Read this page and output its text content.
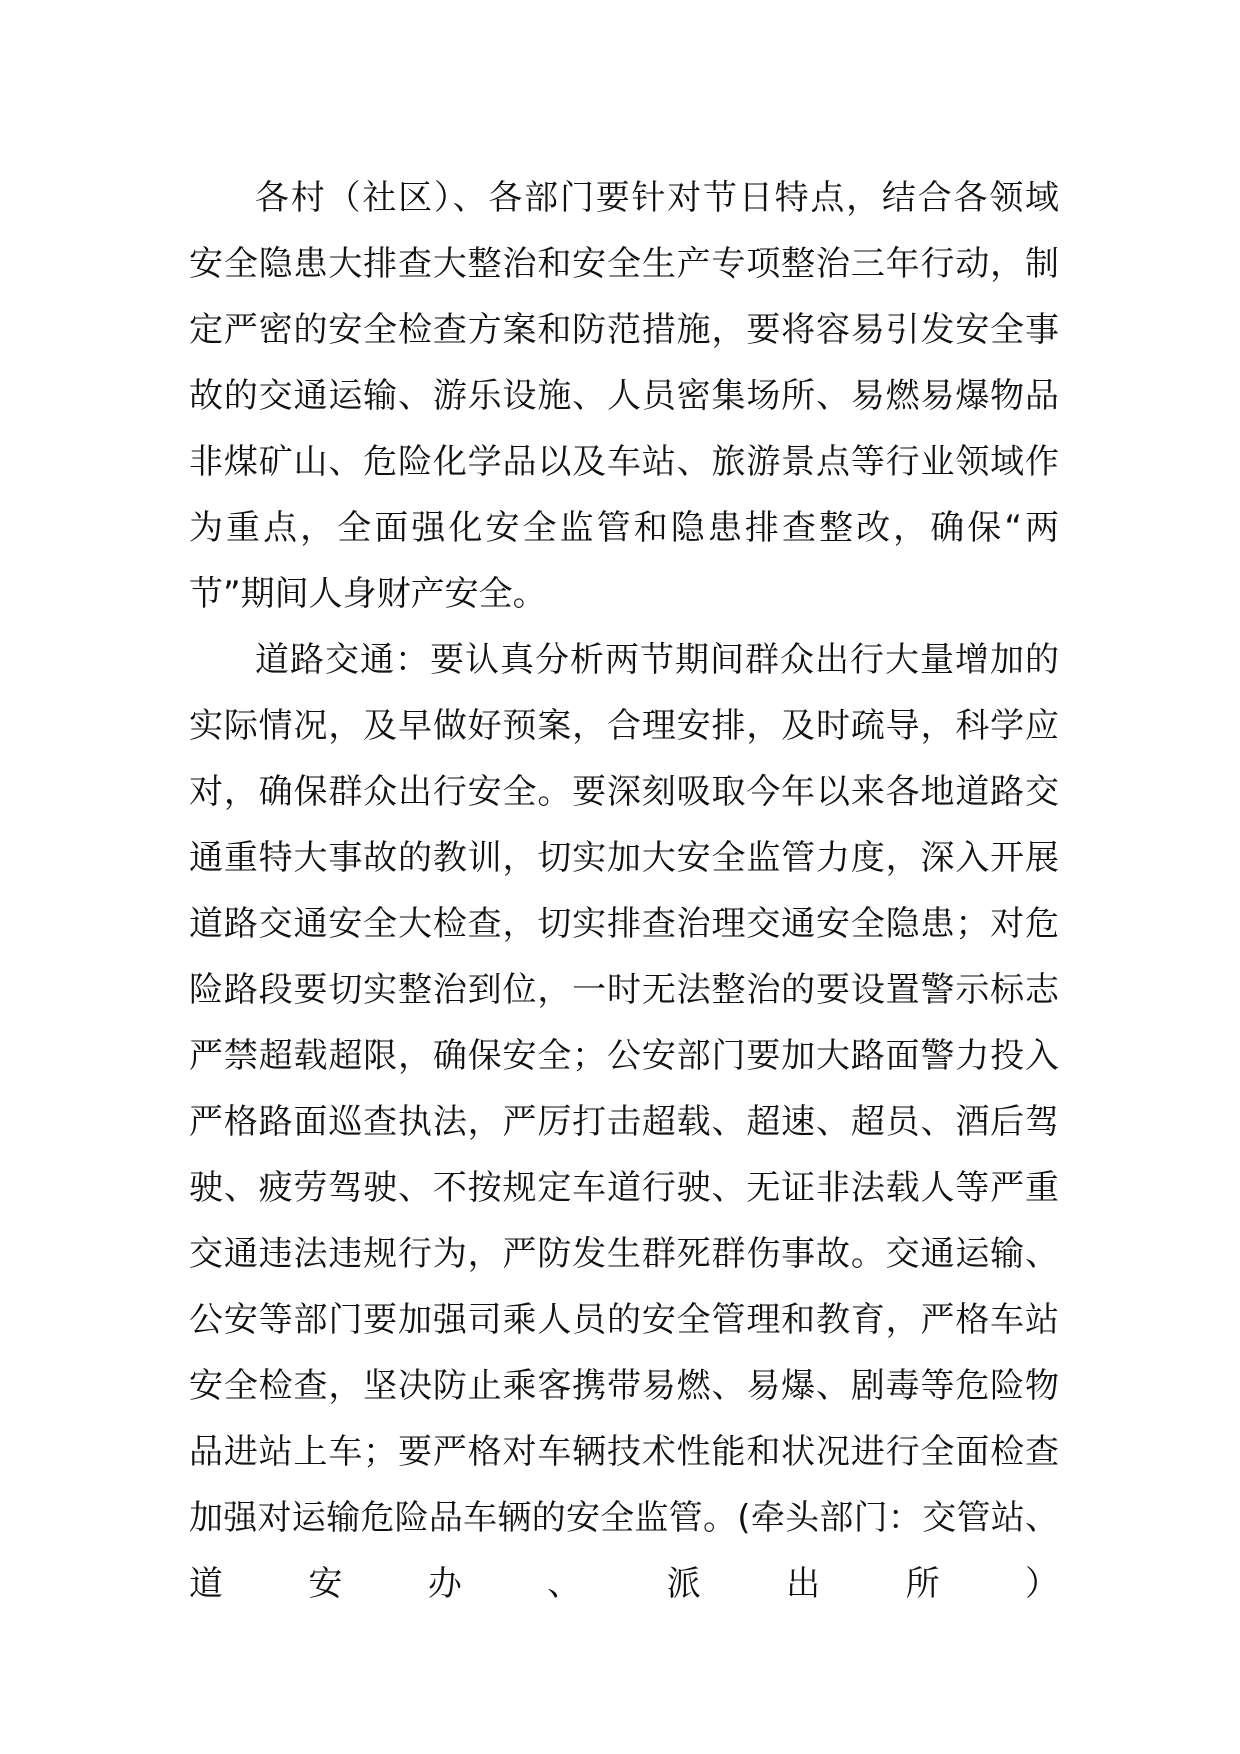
各村（社区）、各部门要针对节日特点，结合各领域
安全隐患大排查大整治和安全生产专项整治三年行动，制
定严密的安全检查方案和防范措施，要将容易引发安全事
故的交通运输、游乐设施、人员密集场所、易燃易爆物品
非煤矿山、危险化学品以及车站、旅游景点等行业领域作
为重点，全面强化安全监管和隐患排查整改，确保“两
节”期间人身财产安全。
道路交通：要认真分析两节期间群众出行大量增加的
实际情况，及早做好预案，合理安排，及时疏导，科学应
对，确保群众出行安全。要深刻吸取今年以来各地道路交
通重特大事故的教训，切实加大安全监管力度，深入开展
道路交通安全大检查，切实排查治理交通安全隐患；对危
险路段要切实整治到位，一时无法整治的要设置警示标志
严禁超载超限，确保安全；公安部门要加大路面警力投入
严格路面巡查执法，严厉打击超载、超速、超员、酒后驾
驶、疲劳驾驶、不按规定车道行驶、无证非法载人等严重
交通违法违规行为，严防发生群死群伤事故。交通运输、
公安等部门要加强司乘人员的安全管理和教育，严格车站
安全检查，坚决防止乘客携带易燃、易爆、剧毒等危险物
品进站上车；要严格对车辆技术性能和状况进行全面检查
加强对运输危险品车辆的安全监管。(牵头部门：交管站、
道安办、派出所）
